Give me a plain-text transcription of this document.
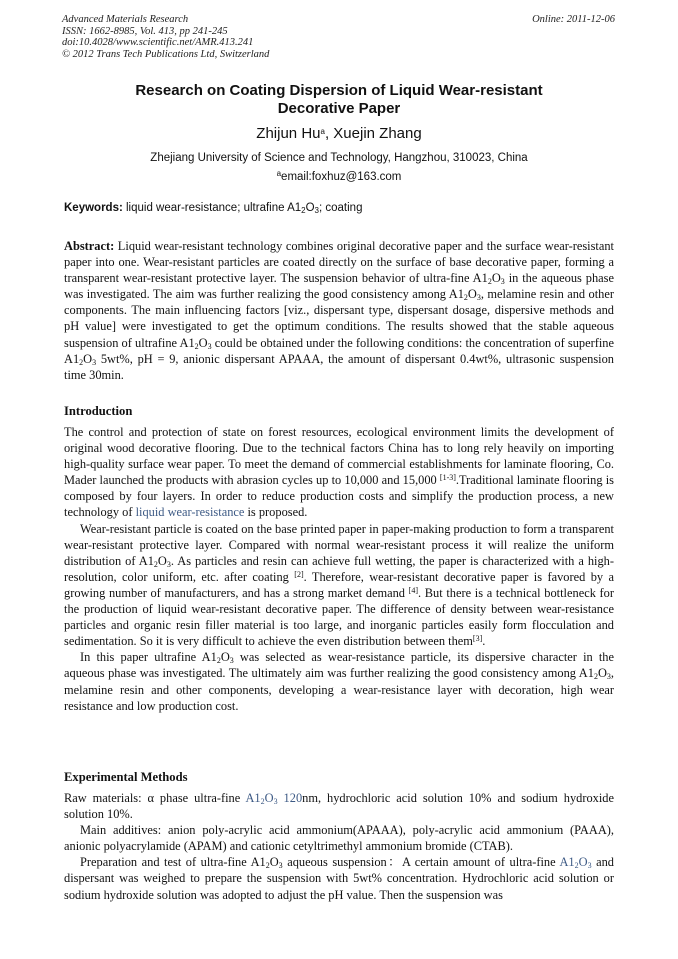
Advanced Materials Research
ISSN: 1662-8985, Vol. 413, pp 241-245
doi:10.4028/www.scientific.net/AMR.413.241
© 2012 Trans Tech Publications Ltd, Switzerland
Online: 2011-12-06
Research on Coating Dispersion of Liquid Wear-resistant
Decorative Paper
Zhijun Hu$^a$, Xuejin Zhang
Zhejiang University of Science and Technology, Hangzhou, 310023, China
$^a$email:foxhuz@163.com
Keywords: liquid wear-resistance; ultrafine $A1_2O_3$; coating

Abstract: Liquid wear-resistant technology combines original decorative paper and the surface wear-resistant paper into one. Wear-resistant particles are coated directly on the surface of base decorative paper, forming a transparent wear-resistant protective layer. The suspension behavior of ultra-fine $A1_2O_3$ in the aqueous phase was investigated. The aim was further realizing the good consistency among $A1_2O_3$, melamine resin and other components. The main influencing factors [viz., dispersant type, dispersant dosage, dispersive methods and pH value] were investigated to get the optimum conditions. The results showed that the stable aqueous suspension of ultrafine $A1_2O_3$ could be obtained under the following conditions: the concentration of superfine $A1_2O_3$ 5wt%, pH = 9, anionic dispersant APAAA, the amount of dispersant 0.4wt%, ultrasonic suspension time 30min.

Introduction

The control and protection of state on forest resources, ecological environment limits the development of original wood decorative flooring. Due to the technical factors China has to long rely heavily on importing high-quality surface wear paper. To meet the demand of commercial establishments for laminate flooring, Co. Mader launched the products with abrasion cycles up to 10,000 and 15,000 [1-3].Traditional laminate flooring is composed by four layers. In order to reduce production costs and simplify the production process, a new technology of liquid wear-resistance is proposed.

Wear-resistant particle is coated on the base printed paper in paper-making production to form a transparent wear-resistant protective layer. Compared with normal wear-resistant process it will realize the uniform distribution of $A1_2O_3$. As particles and resin can achieve full wetting, the paper is characterized with a high-resolution, color uniform, etc. after coating [2]. Therefore, wear-resistant decorative paper is favored by a growing number of manufacturers, and has a strong market demand [4]. But there is a technical bottleneck for the production of liquid wear-resistant decorative paper. The difference of density between wear-resistance particles and organic resin filler material is too large, and inorganic particles easily form flocculation and sedimentation. So it is very difficult to achieve the even distribution between them[3].

In this paper ultrafine $A1_2O_3$ was selected as wear-resistance particle, its dispersive character in the aqueous phase was investigated. The ultimately aim was further realizing the good consistency among $A1_2O_3$, melamine resin and other components, developing a wear-resistance layer with decoration, high wear resistance and low production cost.

Experimental Methods

Raw materials: α phase ultra-fine $A1_2O_3$ 120nm, hydrochloric acid solution 10% and sodium hydroxide solution 10%.

Main additives: anion poly-acrylic acid ammonium(APAAA), poly-acrylic acid ammonium (PAAA), anionic polyacrylamide (APAM) and cationic cetyltrimethyl ammonium bromide (CTAB).

Preparation and test of ultra-fine $A1_2O_3$ aqueous suspension：A certain amount of ultra-fine $A1_2O_3$ and dispersant was weighed to prepare the suspension with 5wt% concentration. Hydrochloric acid solution or sodium hydroxide solution was adopted to adjust the pH value. Then the suspension was
